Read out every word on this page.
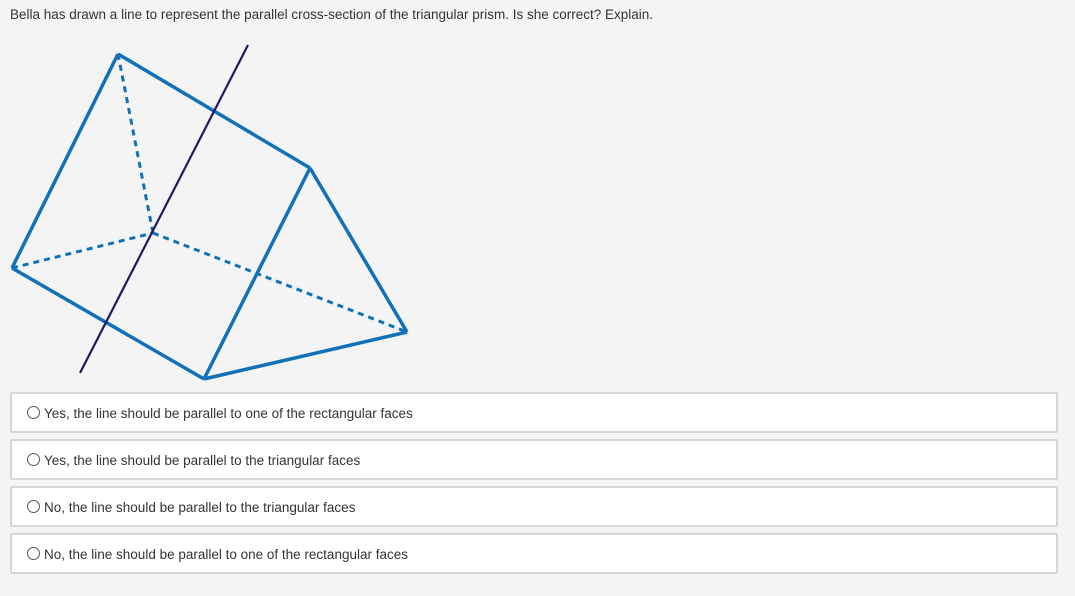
Bella has drawn a line to represent the parallel cross-section of the triangular prism. Is she correct? Explain.
Yes, the line should be parallel to one of the rectangular faces
Yes, the line should be parallel to the triangular faces
No, the line should be parallel to the triangular faces
No, the line should be parallel to one of the rectangular faces
